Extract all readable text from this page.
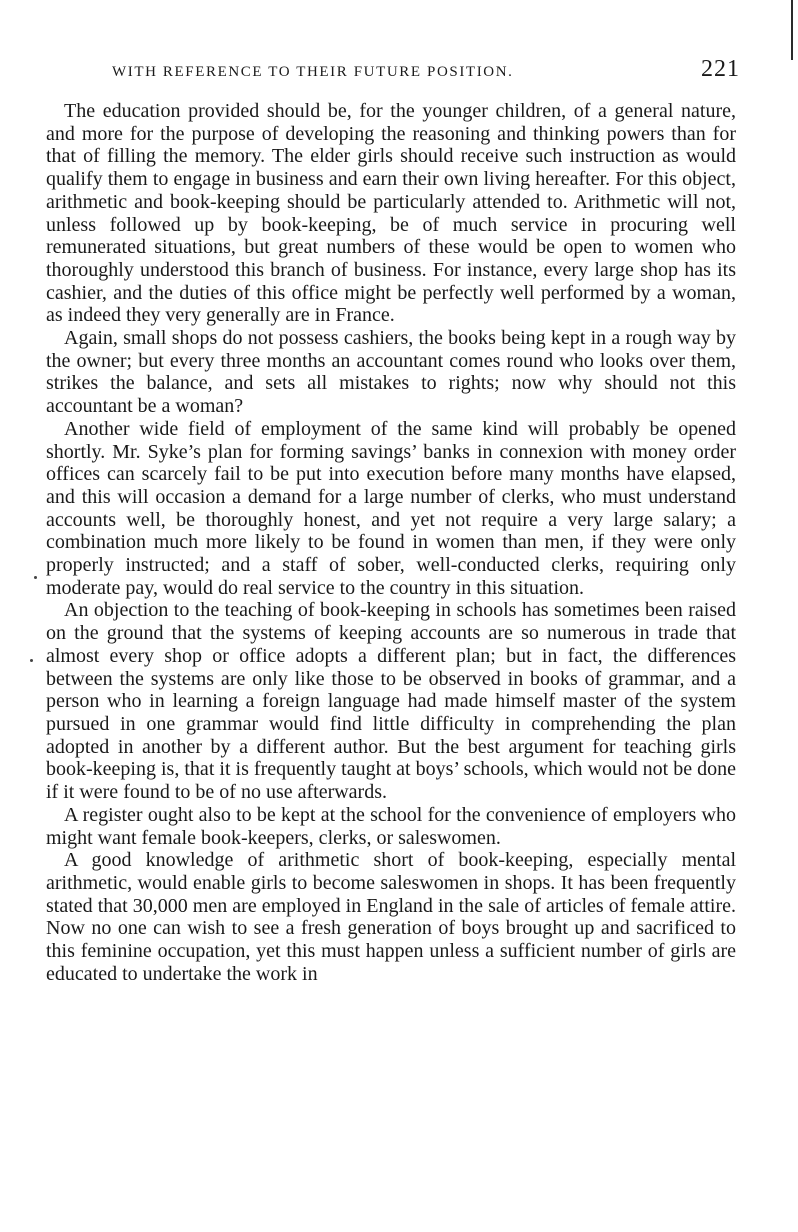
WITH REFERENCE TO THEIR FUTURE POSITION.	221

The education provided should be, for the younger children, of a general nature, and more for the purpose of developing the reasoning and thinking powers than for that of filling the memory. The elder girls should receive such instruction as would qualify them to engage in business and earn their own living hereafter. For this object, arithmetic and book-keeping should be particularly attended to. Arithmetic will not, unless followed up by book-keeping, be of much service in procuring well remunerated situations, but great numbers of these would be open to women who thoroughly understood this branch of business. For instance, every large shop has its cashier, and the duties of this office might be perfectly well performed by a woman, as indeed they very generally are in France.

Again, small shops do not possess cashiers, the books being kept in a rough way by the owner; but every three months an accountant comes round who looks over them, strikes the balance, and sets all mistakes to rights; now why should not this accountant be a woman?

Another wide field of employment of the same kind will probably be opened shortly. Mr. Syke’s plan for forming savings’ banks in connexion with money order offices can scarcely fail to be put into execution before many months have elapsed, and this will occasion a demand for a large number of clerks, who must understand accounts well, be thoroughly honest, and yet not require a very large salary; a combination much more likely to be found in women than men, if they were only properly instructed; and a staff of sober, well-conducted clerks, requiring only moderate pay, would do real service to the country in this situation.

An objection to the teaching of book-keeping in schools has sometimes been raised on the ground that the systems of keeping accounts are so numerous in trade that almost every shop or office adopts a different plan; but in fact, the differences between the systems are only like those to be observed in books of grammar, and a person who in learning a foreign language had made himself master of the system pursued in one grammar would find little difficulty in comprehending the plan adopted in another by a different author. But the best argument for teaching girls book-keeping is, that it is frequently taught at boys’ schools, which would not be done if it were found to be of no use afterwards.

A register ought also to be kept at the school for the convenience of employers who might want female book-keepers, clerks, or saleswomen.

A good knowledge of arithmetic short of book-keeping, especially mental arithmetic, would enable girls to become saleswomen in shops. It has been frequently stated that 30,000 men are employed in England in the sale of articles of female attire. Now no one can wish to see a fresh generation of boys brought up and sacrificed to this feminine occupation, yet this must happen unless a sufficient number of girls are educated to undertake the work in
